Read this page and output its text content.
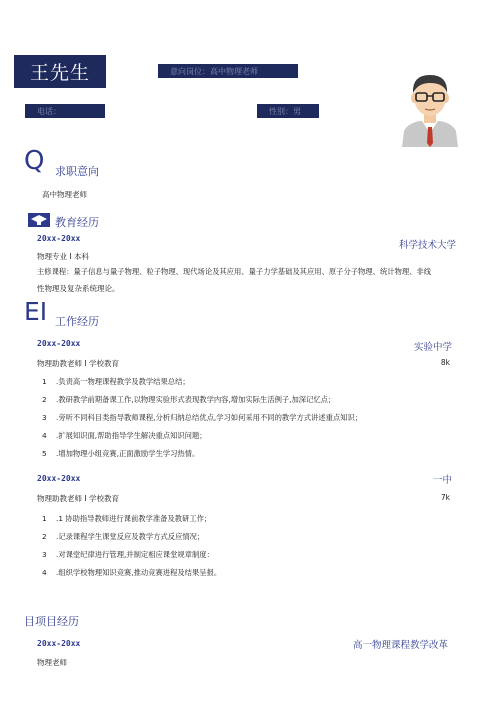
王先生	意向岗位：高中物理老师
电话：	性别：男
Q 求职意向
高中物理老师
教育经历
20xx-20xx
科学技术大学
物理专业 I 本科
主修课程：量子信息与量子物理、粒子物理、现代场论及其应用、量子力学基础及其应用、原子分子物理、统计物理、非线
性物理及复杂系统理论。
EI 工作经历
20xx-20xx	实验中学
物理助教老师 I 学校教育	8k
1 .负责高一物理课程教学及教学结果总结；
2 .教研教学前期备课工作,以物理实验形式表现教学内容,增加实际生活例子,加深记忆点；
3 .旁听不同科目类指导教师课程,分析归纳总结优点,学习如何采用不同的教学方式讲述重点知识；
4 .扩展知识面,帮助指导学生解决重点知识问题；
5 .增加物理小组竞赛,正面激励学生学习热情。
20xx-20xx	一中
物理助教老师 I 学校教育	7k
1 .1 协助指导教师进行课前教学准备及教研工作；
2 .记录课程学生课堂反应及教学方式反应情况；
3 .对课堂纪律进行管理,并制定相应课堂规章制度：
4 .组织学校物理知识竞赛,推动竞赛进程及结果呈报。
目项目经历
20xx-20xx	高一物理课程教学改革
物理老师
